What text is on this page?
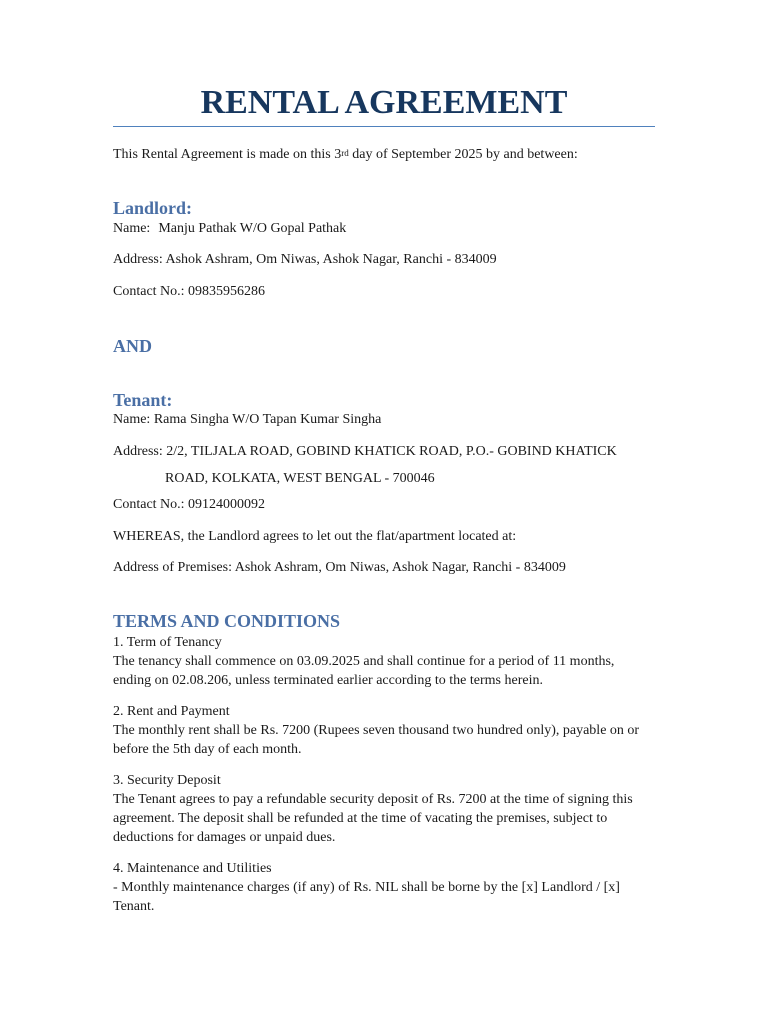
RENTAL AGREEMENT
This Rental Agreement is made on this 3rd day of September 2025 by and between:
Landlord:
Name: Manju Pathak W/O Gopal Pathak
Address: Ashok Ashram, Om Niwas, Ashok Nagar, Ranchi - 834009
Contact No.: 09835956286
AND
Tenant:
Name: Rama Singha W/O Tapan Kumar Singha
Address: 2/2, TILJALA ROAD, GOBIND KHATICK ROAD, P.O.- GOBIND KHATICK
ROAD, KOLKATA, WEST BENGAL - 700046
Contact No.: 09124000092
WHEREAS, the Landlord agrees to let out the flat/apartment located at:
Address of Premises: Ashok Ashram, Om Niwas, Ashok Nagar, Ranchi - 834009
TERMS AND CONDITIONS
1. Term of Tenancy
The tenancy shall commence on 03.09.2025 and shall continue for a period of 11 months,
ending on 02.08.206, unless terminated earlier according to the terms herein.
2. Rent and Payment
The monthly rent shall be Rs. 7200 (Rupees seven thousand two hundred only), payable on or
before the 5th day of each month.
3. Security Deposit
The Tenant agrees to pay a refundable security deposit of Rs. 7200 at the time of signing this
agreement. The deposit shall be refunded at the time of vacating the premises, subject to
deductions for damages or unpaid dues.
4. Maintenance and Utilities
- Monthly maintenance charges (if any) of Rs. NIL shall be borne by the [x] Landlord / [x]
Tenant.
